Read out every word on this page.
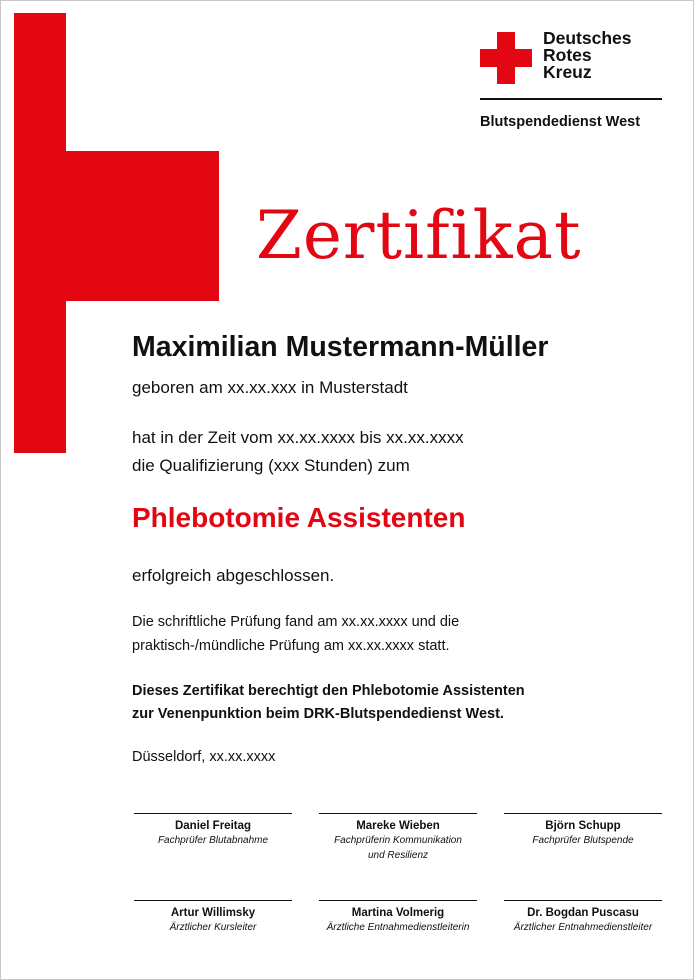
Deutsches
Rotes
Kreuz
Blutspendedienst West
Zertifikat
Maximilian Mustermann-Müller
geboren am xx.xx.xxx in Musterstadt
hat in der Zeit vom xx.xx.xxxx bis xx.xx.xxxx
die Qualifizierung (xxx Stunden) zum
Phlebotomie Assistenten
erfolgreich abgeschlossen.
Die schriftliche Prüfung fand am xx.xx.xxxx und die
praktisch-/mündliche Prüfung am xx.xx.xxxx statt.
Dieses Zertifikat berechtigt den Phlebotomie Assistenten
zur Venenpunktion beim DRK-Blutspendedienst West.
Düsseldorf, xx.xx.xxxx
Daniel Freitag
Fachprüfer Blutabnahme
Mareke Wieben
Fachprüferin Kommunikation
und Resilienz
Björn Schupp
Fachprüfer Blutspende
Artur Willimsky
Ärztlicher Kursleiter
Martina Volmerig
Ärztliche Entnahmedienstleiterin
Dr. Bogdan Puscasu
Ärztlicher Entnahmedienstleiter
